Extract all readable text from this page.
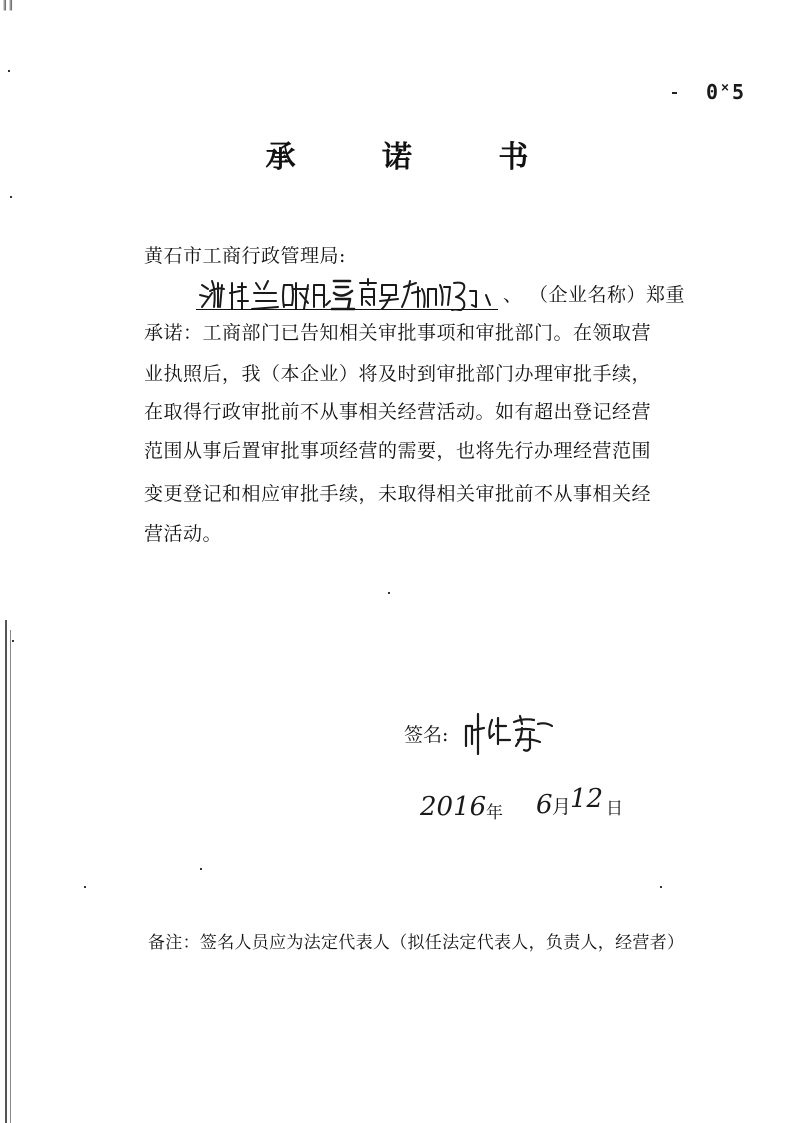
║║
0˟5
承 诺 书
黄石市工商行政管理局:
、 （企业名称）郑重
承诺：工商部门已告知相关审批事项和审批部门。在领取营
业执照后，我（本企业）将及时到审批部门办理审批手续，
在取得行政审批前不从事相关经营活动。如有超出登记经营
范围从事后置审批事项经营的需要，也将先行办理经营范围
变更登记和相应审批手续，未取得相关审批前不从事相关经
营活动。
签名:
2016 年 6 月
12 日
备注：签名人员应为法定代表人（拟任法定代表人，负责人，经营者）
